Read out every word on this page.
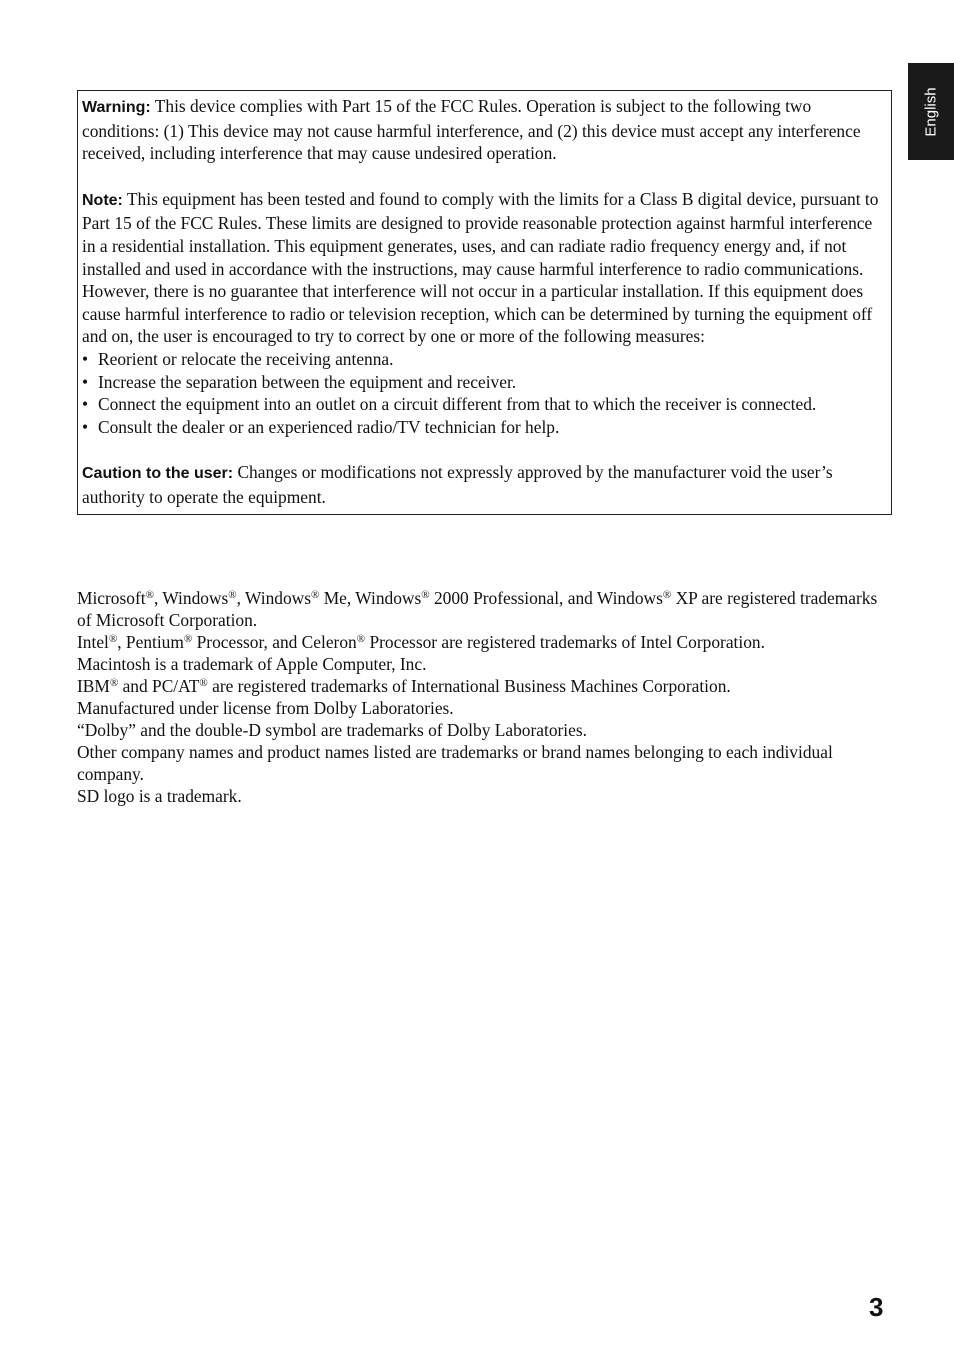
English

Warning: This device complies with Part 15 of the FCC Rules. Operation is subject to the following two conditions: (1) This device may not cause harmful interference, and (2) this device must accept any interference received, including interference that may cause undesired operation.

Note: This equipment has been tested and found to comply with the limits for a Class B digital device, pursuant to Part 15 of the FCC Rules. These limits are designed to provide reasonable protection against harmful interference in a residential installation. This equipment generates, uses, and can radiate radio frequency energy and, if not installed and used in accordance with the instructions, may cause harmful interference to radio communications. However, there is no guarantee that interference will not occur in a particular installation. If this equipment does cause harmful interference to radio or television reception, which can be determined by turning the equipment off and on, the user is encouraged to try to correct by one or more of the following measures:

• Reorient or relocate the receiving antenna.
• Increase the separation between the equipment and receiver.
• Connect the equipment into an outlet on a circuit different from that to which the receiver is connected.
• Consult the dealer or an experienced radio/TV technician for help.

Caution to the user: Changes or modifications not expressly approved by the manufacturer void the user’s authority to operate the equipment.

Microsoft®, Windows®, Windows® Me, Windows® 2000 Professional, and Windows® XP are registered trademarks of Microsoft Corporation.

Intel®, Pentium® Processor, and Celeron® Processor are registered trademarks of Intel Corporation.

Macintosh is a trademark of Apple Computer, Inc.

IBM® and PC/AT® are registered trademarks of International Business Machines Corporation.

Manufactured under license from Dolby Laboratories.

“Dolby” and the double-D symbol are trademarks of Dolby Laboratories.

Other company names and product names listed are trademarks or brand names belonging to each individual company.

SD logo is a trademark.

3
